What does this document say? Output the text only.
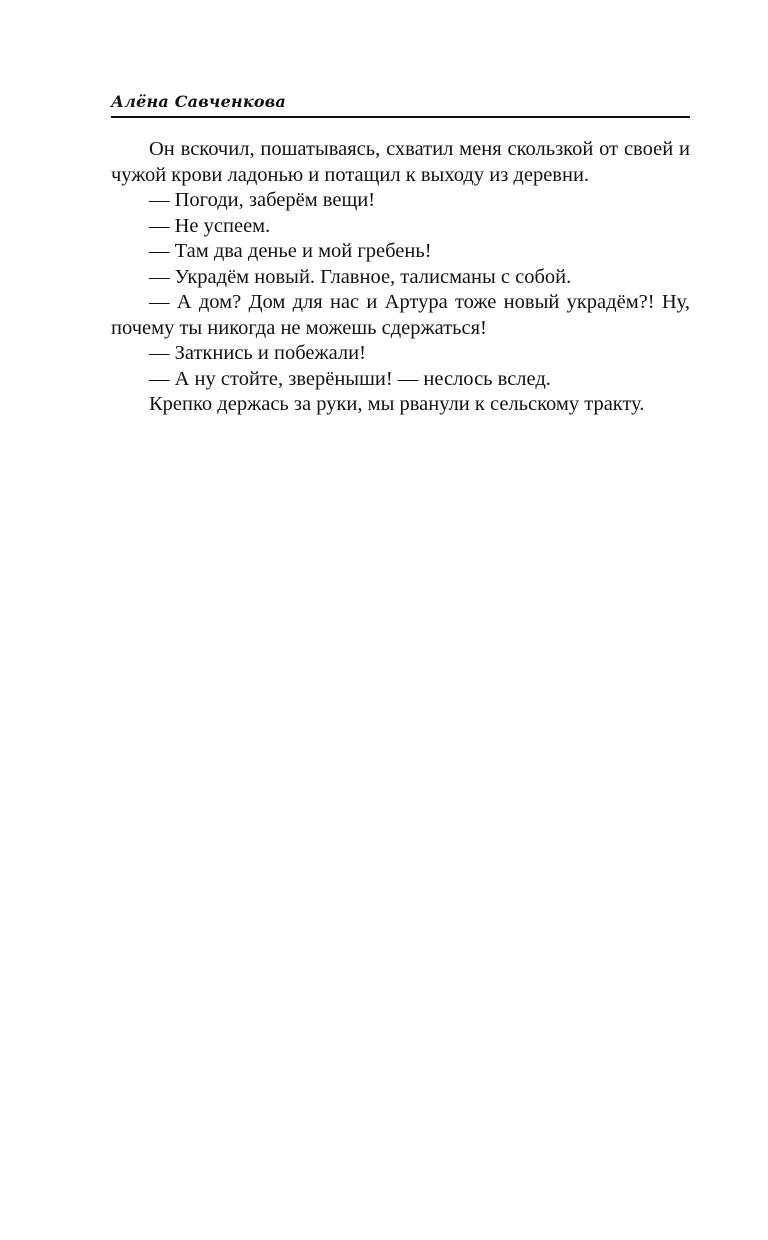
Алёна Савченкова

Он вскочил, пошатываясь, схватил меня скользкой от своей и чужой крови ладонью и потащил к выходу из деревни.

— Погоди, заберём вещи!

— Не успеем.

— Там два денье и мой гребень!

— Украдём новый. Главное, талисманы с собой.

— А дом? Дом для нас и Артура тоже новый украдём?! Ну, почему ты никогда не можешь сдержаться!

— Заткнись и побежали!

— А ну стойте, зверёныши! — неслось вслед.

Крепко держась за руки, мы рванули к сельскому тракту.
